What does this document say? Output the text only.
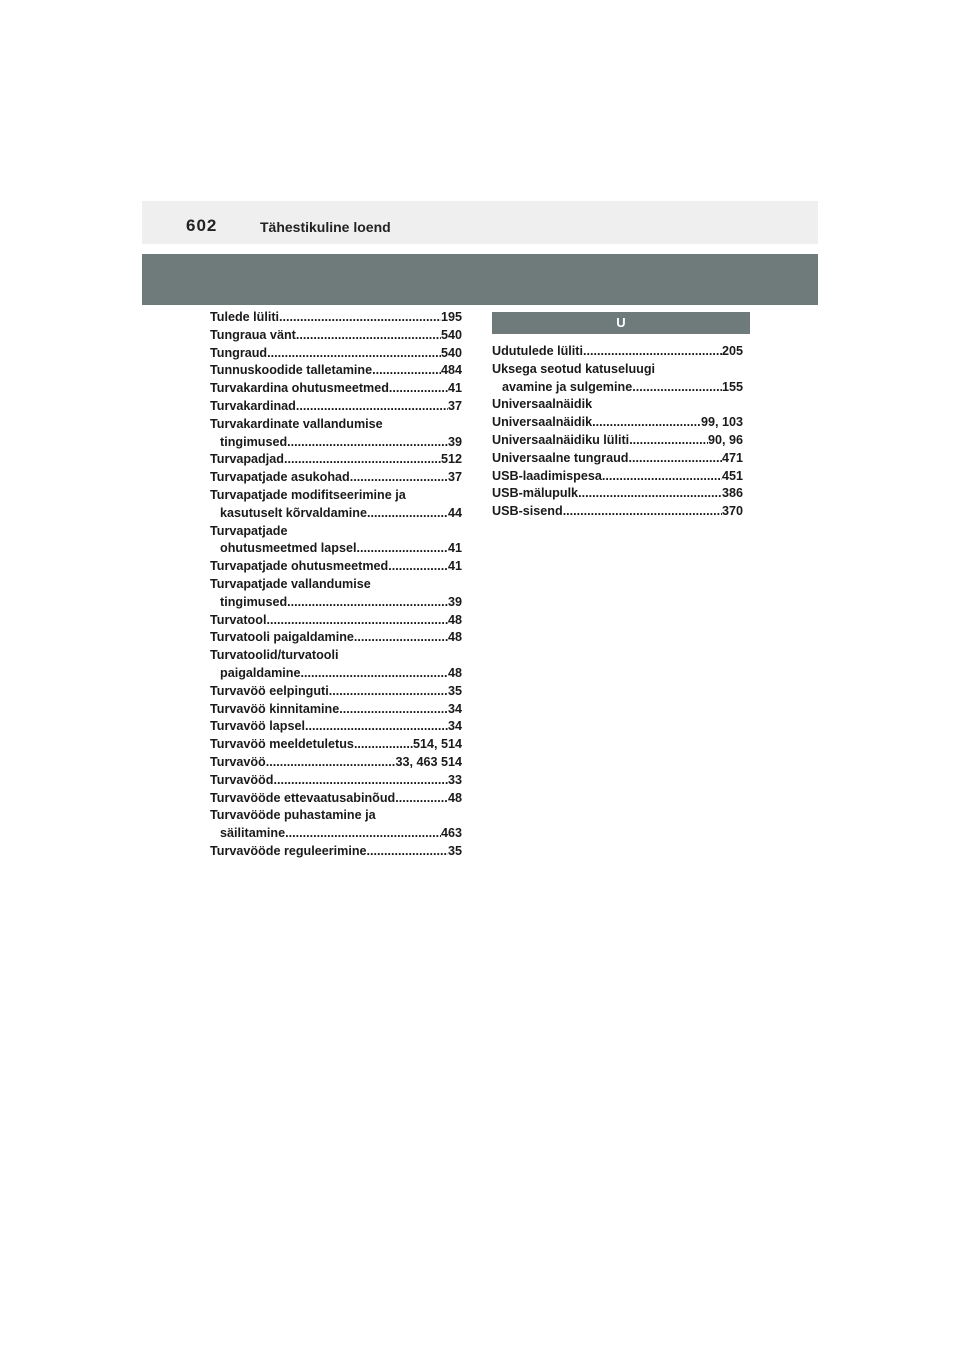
602	Tähestikuline loend
Tulede lüliti .....	195
Tungraua vänt .....	540
Tungraud .....	540
Tunnuskoodide talletamine .....	484
Turvakardina ohutusmeetmed .....	41
Turvakardinad .....	37
Turvakardinate vallandumise
tingimused .....	39
Turvapadjad .....	512
Turvapatjade asukohad .....	37
Turvapatjade modifitseerimine ja
kasutuselt kõrvaldamine .....	44
Turvapatjade
ohutusmeetmed lapsel .....	41
Turvapatjade ohutusmeetmed .....	41
Turvapatjade vallandumise
tingimused .....	39
Turvatool .....	48
Turvatooli paigaldamine .....	48
Turvatoolid/turvatooli
paigaldamine .....	48
Turvavöö eelpinguti .....	35
Turvavöö kinnitamine .....	34
Turvavöö lapsel .....	34
Turvavöö meeldetuletus .....	514, 514
Turvavöö .....	33, 463 514
Turvavööd .....	33
Turvavööde ettevaatusabinõud .....	48
Turvavööde puhastamine ja
säilitamine .....	463
Turvavööde reguleerimine .....	35
U
Udutulede lüliti .....	205
Uksega seotud katuseluugi
avamine ja sulgemine .....	155
Universaalnäidik
Universaalnäidik .....	99, 103
Universaalnäidiku lüliti .....	90, 96
Universaalne tungraud .....	471
USB-laadimispesa .....	451
USB-mälupulk .....	386
USB-sisend .....	370
